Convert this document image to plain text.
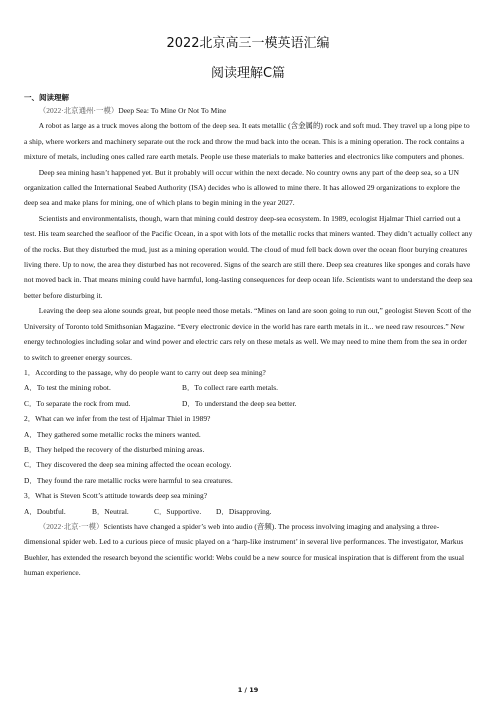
2022北京高三一模英语汇编
阅读理解C篇
一、阅读理解

（2022·北京通州·一模）Deep Sea: To Mine Or Not To Mine

A robot as large as a truck moves along the bottom of the deep sea. It eats metallic (含金属的) rock and soft mud. They travel up a long pipe to a ship, where workers and machinery separate out the rock and throw the mud back into the ocean. This is a mining operation. The rock contains a mixture of metals, including ones called rare earth metals. People use these materials to make batteries and electronics like computers and phones.

Deep sea mining hasn’t happened yet. But it probably will occur within the next decade. No country owns any part of the deep sea, so a UN organization called the International Seabed Authority (ISA) decides who is allowed to mine there. It has allowed 29 organizations to explore the deep sea and make plans for mining, one of which plans to begin mining in the year 2027.

Scientists and environmentalists, though, warn that mining could destroy deep-sea ecosystem. In 1989, ecologist Hjalmar Thiel carried out a test. His team searched the seafloor of the Pacific Ocean, in a spot with lots of the metallic rocks that miners wanted. They didn’t actually collect any of the rocks. But they disturbed the mud, just as a mining operation would. The cloud of mud fell back down over the ocean floor burying creatures living there. Up to now, the area they disturbed has not recovered. Signs of the search are still there. Deep sea creatures like sponges and corals have not moved back in. That means mining could have harmful, long-lasting consequences for deep ocean life. Scientists want to understand the deep sea better before disturbing it.

Leaving the deep sea alone sounds great, but people need those metals. “Mines on land are soon going to run out,” geologist Steven Scott of the University of Toronto told Smithsonian Magazine. “Every electronic device in the world has rare earth metals in it... we need raw resources.” New energy technologies including solar and wind power and electric cars rely on these metals as well. We may need to mine them from the sea in order to switch to greener energy sources.

1．According to the passage, why do people want to carry out deep sea mining?
A．To test the mining robot.	B．To collect rare earth metals.
C．To separate the rock from mud.	D．To understand the deep sea better.
2．What can we infer from the test of Hjalmar Thiel in 1989?
A．They gathered some metallic rocks the miners wanted.
B．They helped the recovery of the disturbed mining areas.
C．They discovered the deep sea mining affected the ocean ecology.
D．They found the rare metallic rocks were harmful to sea creatures.
3．What is Steven Scott’s attitude towards deep sea mining?
A．Doubtful.	B．Neutral.	C．Supportive.	D．Disapproving.

（2022·北京·一模）Scientists have changed a spider’s web into audio (音频). The process involving imaging and analysing a three-dimensional spider web. Led to a curious piece of music played on a ‘harp-like instrument’ in several live performances. The investigator, Markus Buehler, has extended the research beyond the scientific world: Webs could be a new source for musical inspiration that is different from the usual human experience.

1 / 19
